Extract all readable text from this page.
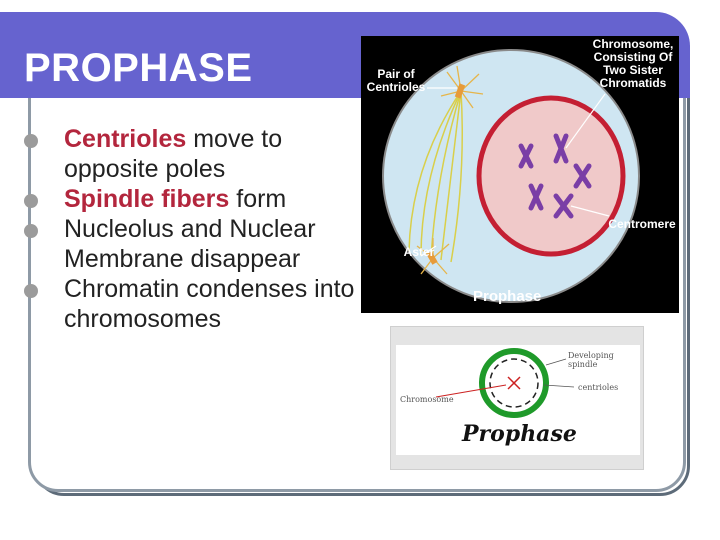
PROPHASE
Centrioles move to opposite poles
Spindle fibers form
Nucleolus and Nuclear Membrane disappear
Chromatin condenses into chromosomes
Pair of Centrioles
Chromosome, Consisting Of Two Sister Chromatids
Centromere
Aster
Prophase
Developing spindle
centrioles
Chromosome
Prophase
